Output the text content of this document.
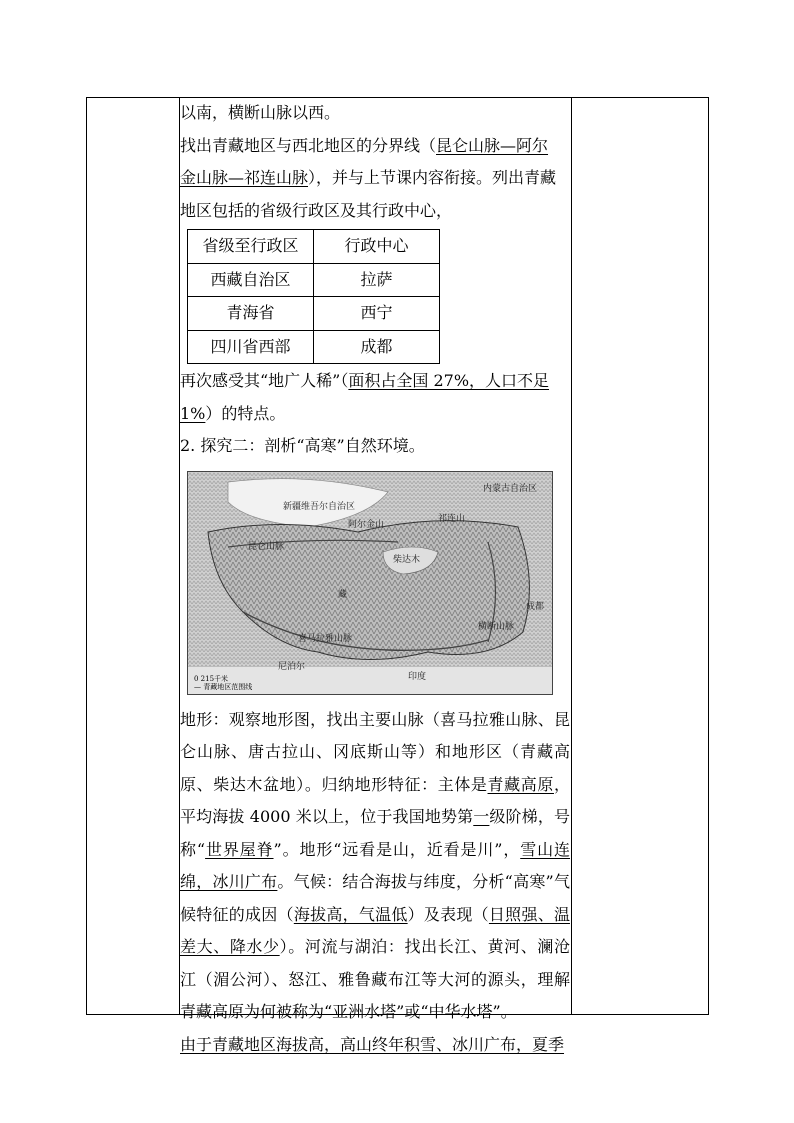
以南，横断山脉以西。

找出青藏地区与西北地区的分界线（昆仑山脉—阿尔

金山脉—祁连山脉），并与上节课内容衔接。列出青藏

地区包括的省级行政区及其行政中心，

省级至行政区	行政中心
西藏自治区	拉萨
青海省	西宁
四川省西部	成都

再次感受其“地广人稀”（面积占全国 27%，人口不足

1%）的特点。

2. 探究二：剖析“高寒”自然环境。

新疆维吾尔自治区
昆仑山脉
阿尔金山
祁连山
柴达木
藏
喜马拉雅山脉
横断山脉
成都
尼泊尔
印度
内蒙古自治区
0 215千米
— 青藏地区范围线

地形：观察地形图，找出主要山脉（喜马拉雅山脉、昆仑山脉、唐古拉山、冈底斯山等）和地形区（青藏高原、柴达木盆地）。归纳地形特征：主体是青藏高原，平均海拔 4000 米以上，位于我国地势第一级阶梯，号称“世界屋脊”。地形“远看是山，近看是川”，雪山连绵，冰川广布。气候：结合海拔与纬度，分析“高寒”气候特征的成因（海拔高，气温低）及表现（日照强、温差大、降水少）。河流与湖泊：找出长江、黄河、澜沧江（湄公河）、怒江、雅鲁藏布江等大河的源头，理解青藏高原为何被称为“亚洲水塔”或“中华水塔”。

由于青藏地区海拔高，高山终年积雪、冰川广布，夏季
